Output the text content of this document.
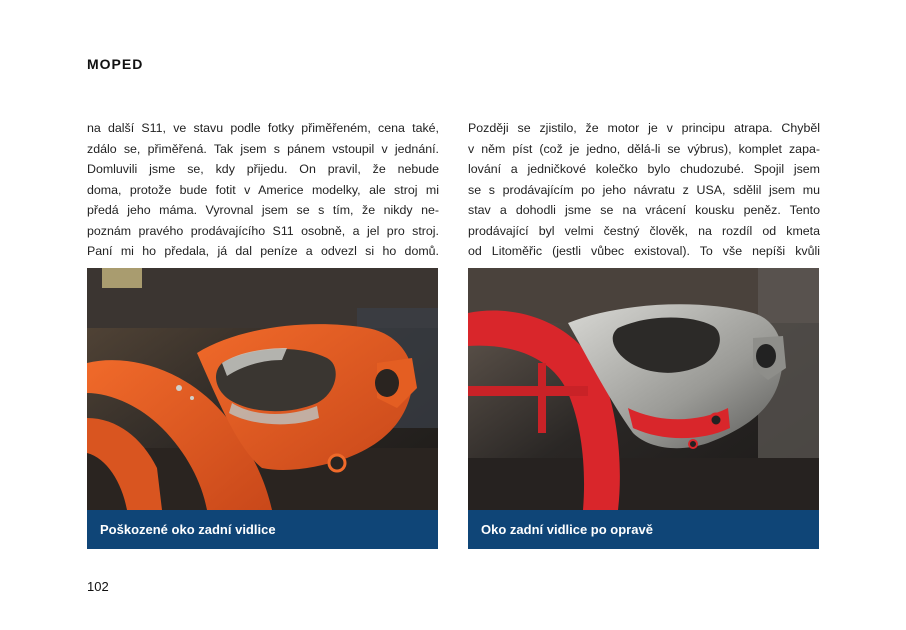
MOPED

na další S11, ve stavu podle fotky přiměřeném, cena také,
zdálo se, přiměřená. Tak jsem s pánem vstoupil v jednání.
Domluvili jsme se, kdy přijedu. On pravil, že nebude
doma, protože bude fotit v Americe modelky, ale stroj mi
předá jeho máma. Vyrovnal jsem se s tím, že nikdy ne-
poznám pravého prodávajícího S11 osobně, a jel pro stroj.
Paní mi ho předala, já dal peníze a odvezl si ho domů.

Později se zjistilo, že motor je v principu atrapa. Chyběl
v něm píst (což je jedno, dělá-li se výbrus), komplet zapa-
lování a jedničkové kolečko bylo chudozubé. Spojil jsem
se s prodávajícím po jeho návratu z USA, sdělil jsem mu
stav a dohodli jsme se na vrácení kousku peněz. Tento
prodávající byl velmi čestný člověk, na rozdíl od kmeta
od Litoměřic (jestli vůbec existoval). To vše nepíši kvůli

Poškozené oko zadní vidlice	Oko zadní vidlice po opravě
102
